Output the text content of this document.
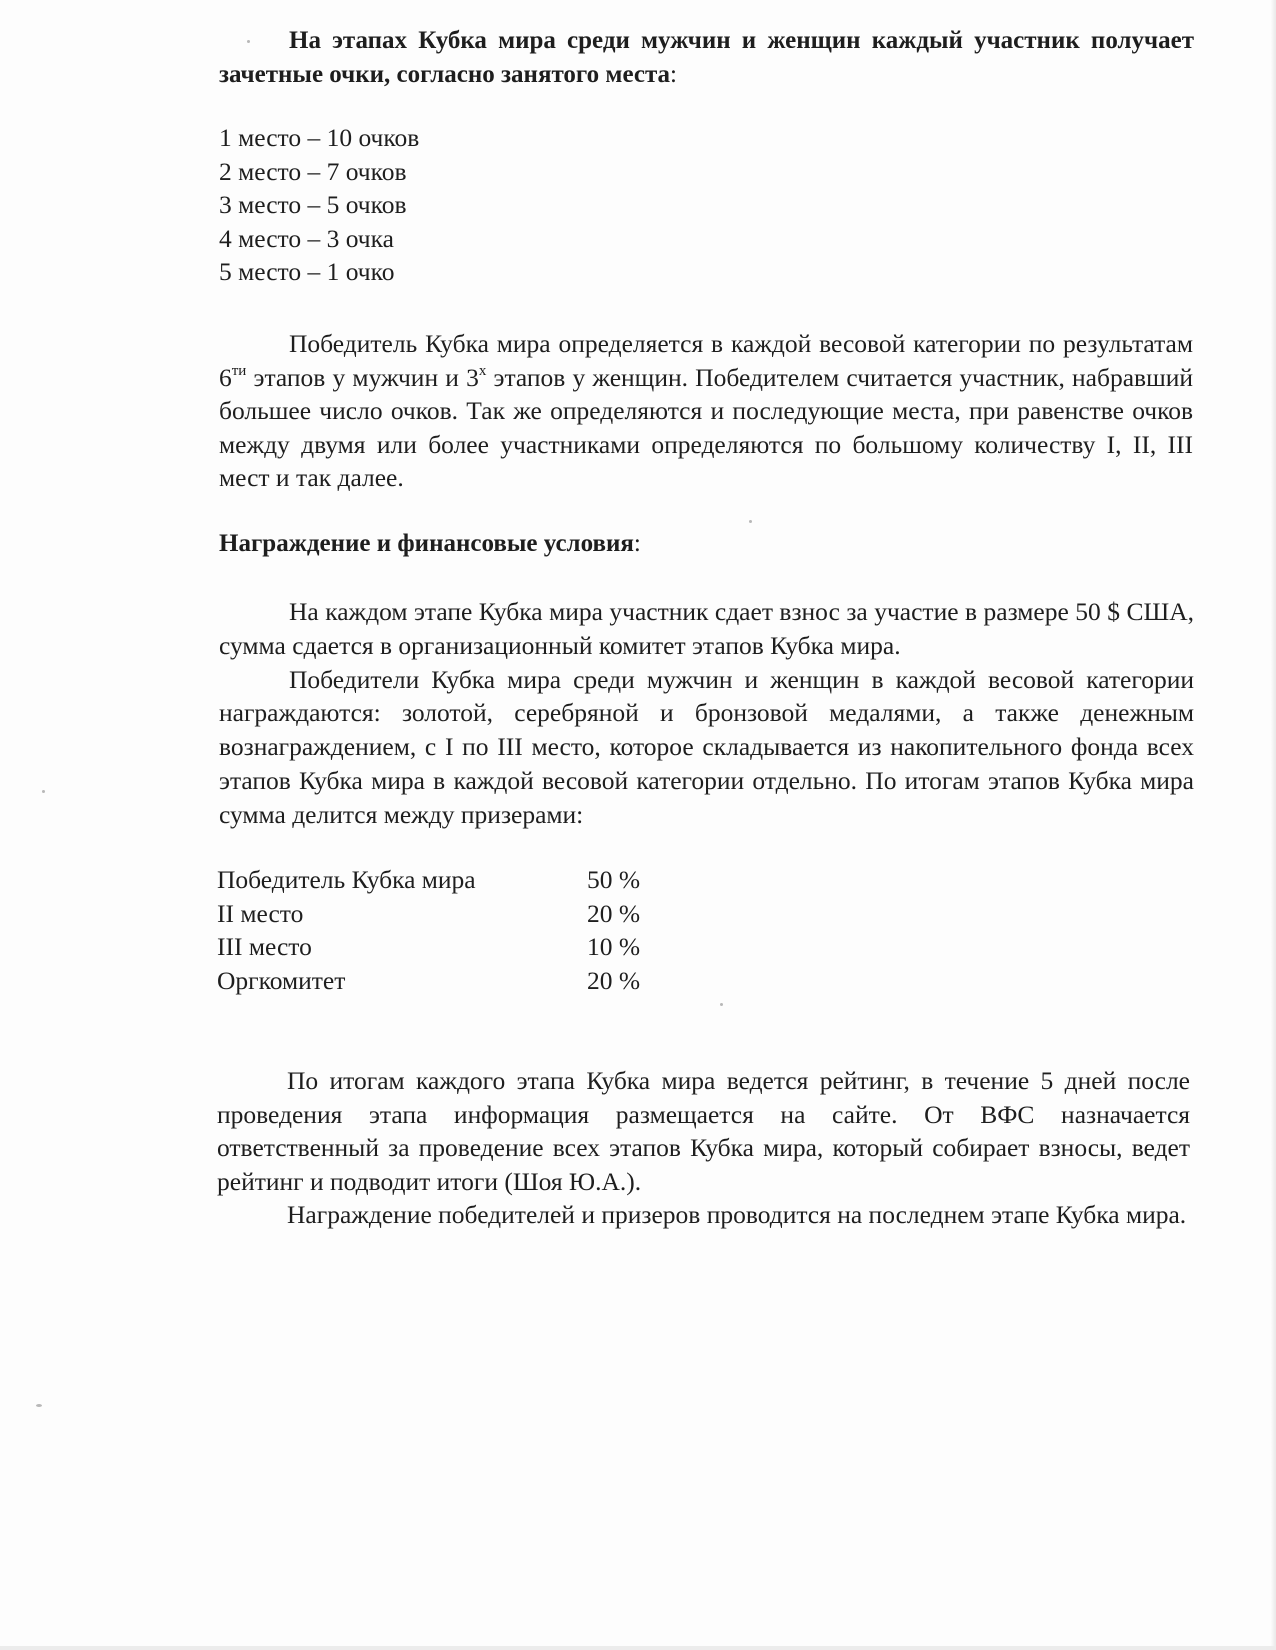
На этапах Кубка мира среди мужчин и женщин каждый участник получает зачетные очки, согласно занятого места:

1 место – 10 очков

2 место – 7 очков

3 место – 5 очков

4 место – 3 очка

5 место – 1 очко

Победитель Кубка мира определяется в каждой весовой категории по результатам $6^{ти}$ этапов у мужчин и $3^х$ этапов у женщин. Победителем считается участник, набравший большее число очков. Так же определяются и последующие места, при равенстве очков между двумя или более участниками определяются по большому количеству I, II, III мест и так далее.

Награждение и финансовые условия:

На каждом этапе Кубка мира участник сдает взнос за участие в размере 50 $ США, сумма сдается в организационный комитет этапов Кубка мира.

Победители Кубка мира среди мужчин и женщин в каждой весовой категории награждаются: золотой, серебряной и бронзовой медалями, а также денежным вознаграждением, с I по III место, которое складывается из накопительного фонда всех этапов Кубка мира в каждой весовой категории отдельно. По итогам этапов Кубка мира сумма делится между призерами:

Победитель Кубка мира	50 %
II место	20 %
III место	10 %
Оргкомитет	20 %

По итогам каждого этапа Кубка мира ведется рейтинг, в течение 5 дней после проведения этапа информация размещается на сайте. От ВФС назначается ответственный за проведение всех этапов Кубка мира, который собирает взносы, ведет рейтинг и подводит итоги (Шоя Ю.А.).

Награждение победителей и призеров проводится на последнем этапе Кубка мира.
